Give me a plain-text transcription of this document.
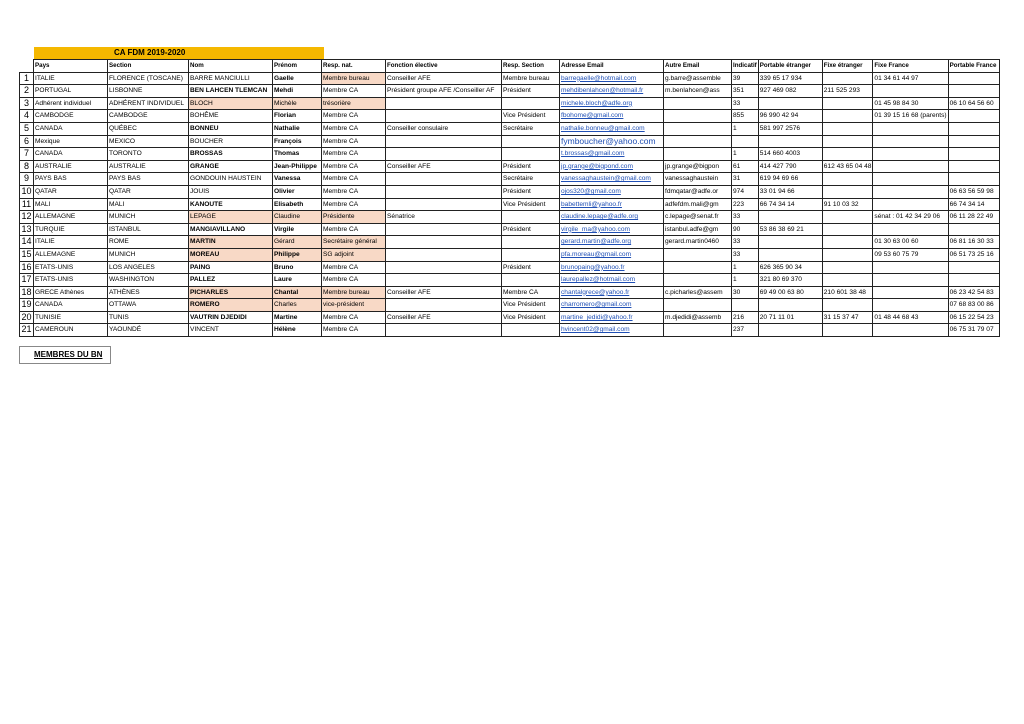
CA FDM 2019-2020
	Pays	Section	Nom	Prénom	Resp. nat.	Fonction élective	Resp. Section	Adresse Email	Autre Email	Indicatif	Portable étranger	Fixe étranger	Fixe France	Portable France
1	ITALIE	FLORENCE (TOSCANE)	BARRE MANCIULLI	Gaelle	Membre bureau	Conseiller AFE	Membre bureau	barregaelle@hotmail.com	g.barre@assemble	39	339 65 17 934		01 34 61 44 97	
2	PORTUGAL	LISBONNE	BEN LAHCEN TLEMCAN	Mehdi	Membre CA	Président groupe AFE /Conseiller AF	Président	mehdibenlahcen@hotmail.fr	m.benlahcen@ass	351	927 469 082	211 525 293		
3	Adhérent individuel	ADHÉRENT INDIVIDUEL	BLOCH	Michèle	trésorière			michele.bloch@adfe.org		33			01 45 98 84 30	06 10 64 56 60
4	CAMBODGE	CAMBODGE	BOHÊME	Florian	Membre CA		Vice Président	fbohome@gmail.com		855	96 990 42 94		01 39 15 16 68 (parents)	
5	CANADA	QUÉBEC	BONNEU	Nathalie	Membre CA	Conseiller consulaire	Secrétaire	nathalie.bonneu@gmail.com		1	581 997 2576			
6	Mexique	MEXICO	BOUCHER	François	Membre CA			fymboucher@yahoo.com						
7	CANADA	TORONTO	BROSSAS	Thomas	Membre CA			t.brossas@gmail.com		1	514 660 4003			
8	AUSTRALIE	AUSTRALIE	GRANGE	Jean-Philippe	Membre CA	Conseiller AFE	Président	jp.grange@bigpond.com	jp.grange@bigpon	61	414 427 790	612 43 65 04 48		
9	PAYS BAS	PAYS BAS	GONDOUIN HAUSTEIN	Vanessa	Membre CA		Secrétaire	vanessaghaustein@gmail.com	vanessaghaustein	31	619 94 69 66			
10	QATAR	QATAR	JOUIS	Olivier	Membre CA		Président	ojos320@gmail.com	fdmqatar@adfe.or	974	33 01 94 66			06 63 56 59 98
11	MALI	MALI	KANOUTE	Elisabeth	Membre CA		Vice Président	babettemli@yahoo.fr	adfefdm.mali@gm	223	66 74 34 14	91 10 03 32		66 74 34 14
12	ALLEMAGNE	MUNICH	LEPAGE	Claudine	Présidente	Sénatrice		claudine.lepage@adfe.org	c.lepage@senat.fr	33			sénat : 01 42 34 29 06	06 11 28 22 49
13	TURQUIE	ISTANBUL	MANGIAVILLANO	Virgile	Membre CA		Président	virgile_ma@yahoo.com	istanbul.adfe@gm	90	53 86 38 69 21			
14	ITALIE	ROME	MARTIN	Gérard	Secrétaire général			gerard.martin@adfe.org	gerard.martin0460	33			01 30 63 00 60	06 81 16 30 33
15	ALLEMAGNE	MUNICH	MOREAU	Philippe	SG adjoint			pfa.moreau@gmail.com		33			09 53 60 75 79	06 51 73 25 16
16	ETATS-UNIS	LOS ANGELES	PAING	Bruno	Membre CA		Président	brunopaing@yahoo.fr		1	626 365 90 34			
17	ETATS-UNIS	WASHINGTON	PALLEZ	Laure	Membre CA			laurepallez@hotmail.com		1	321 80 69 370			
18	GRECE Athènes	ATHÈNES	PICHARLES	Chantal	Membre bureau	Conseiller AFE	Membre CA	chantalgrece@yahoo.fr	c.picharles@assem	30	69 49 00 63 80	210 601 38 48		06 23 42 54 83
19	CANADA	OTTAWA	ROMERO	Charles	vice-président		Vice Président	charromero@gmail.com						07 68 83 00 86
20	TUNISIE	TUNIS	VAUTRIN DJEDIDI	Martine	Membre CA	Conseiller AFE	Vice Président	martine_jedidi@yahoo.fr	m.djedidi@assemb	216	20 71 11 01	31 15 37 47	01 48 44 68 43	06 15 22 54 23
21	CAMEROUN	YAOUNDÉ	VINCENT	Hélène	Membre CA			hvincent02@gmail.com		237				06 75 31 79 07
MEMBRES DU BN
